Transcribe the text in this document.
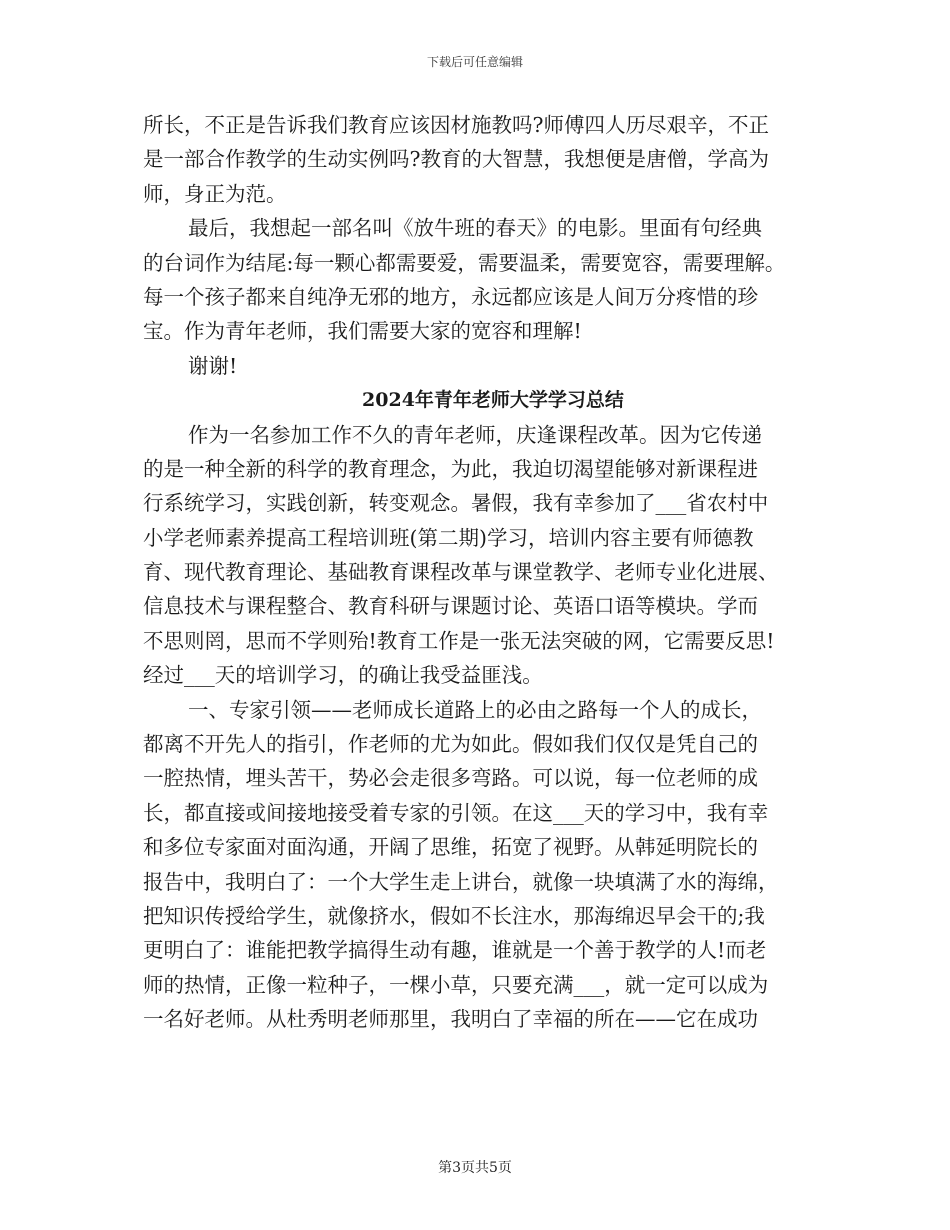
下载后可任意编辑
所长，不正是告诉我们教育应该因材施教吗?师傅四人历尽艰辛，不正
是一部合作教学的生动实例吗?教育的大智慧，我想便是唐僧，学高为
师，身正为范。
最后，我想起一部名叫《放牛班的春天》的电影。里面有句经典
的台词作为结尾:每一颗心都需要爱，需要温柔，需要宽容，需要理解。
每一个孩子都来自纯净无邪的地方，永远都应该是人间万分疼惜的珍
宝。作为青年老师，我们需要大家的宽容和理解!
谢谢!
2024年青年老师大学学习总结
作为一名参加工作不久的青年老师，庆逢课程改革。因为它传递
的是一种全新的科学的教育理念，为此，我迫切渴望能够对新课程进
行系统学习，实践创新，转变观念。暑假，我有幸参加了___省农村中
小学老师素养提高工程培训班(第二期)学习，培训内容主要有师德教
育、现代教育理论、基础教育课程改革与课堂教学、老师专业化进展、
信息技术与课程整合、教育科研与课题讨论、英语口语等模块。学而
不思则罔，思而不学则殆!教育工作是一张无法突破的网，它需要反思!
经过___天的培训学习，的确让我受益匪浅。
一、专家引领——老师成长道路上的必由之路每一个人的成长，
都离不开先人的指引，作老师的尤为如此。假如我们仅仅是凭自己的
一腔热情，埋头苦干，势必会走很多弯路。可以说，每一位老师的成
长，都直接或间接地接受着专家的引领。在这___天的学习中，我有幸
和多位专家面对面沟通，开阔了思维，拓宽了视野。从韩延明院长的
报告中，我明白了：一个大学生走上讲台，就像一块填满了水的海绵，
把知识传授给学生，就像挤水，假如不长注水，那海绵迟早会干的;我
更明白了：谁能把教学搞得生动有趣，谁就是一个善于教学的人!而老
师的热情，正像一粒种子，一棵小草，只要充满___，就一定可以成为
一名好老师。从杜秀明老师那里，我明白了幸福的所在——它在成功
第3页共5页
